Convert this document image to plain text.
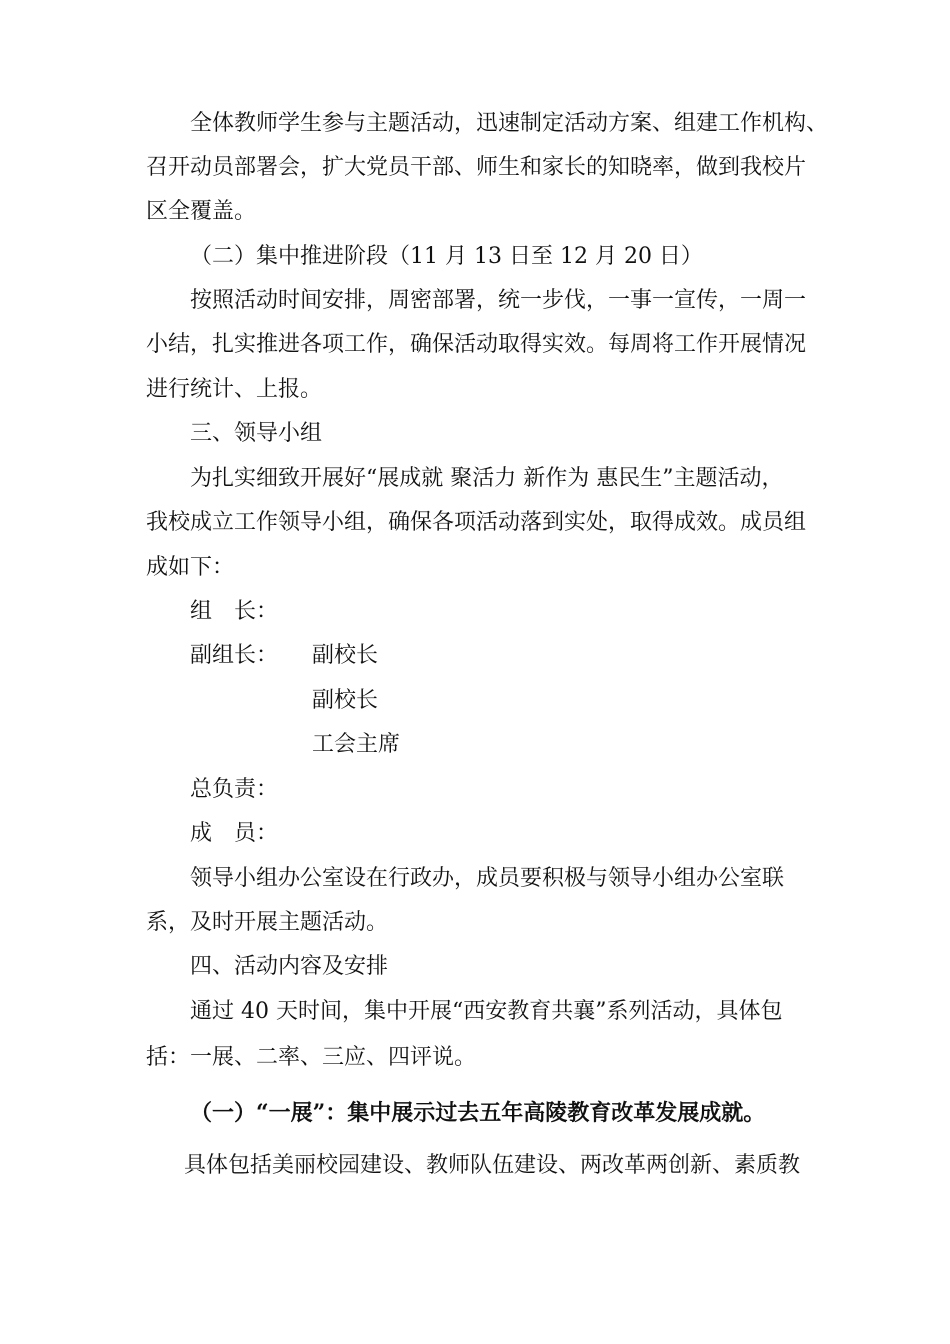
全体教师学生参与主题活动，迅速制定活动方案、组建工作机构、
召开动员部署会，扩大党员干部、师生和家长的知晓率，做到我校片
区全覆盖。
（二）集中推进阶段（11 月 13 日至 12 月 20 日）
按照活动时间安排，周密部署，统一步伐，一事一宣传，一周一
小结，扎实推进各项工作，确保活动取得实效。每周将工作开展情况
进行统计、上报。
三、领导小组
为扎实细致开展好“展成就 聚活力 新作为 惠民生”主题活动，
我校成立工作领导小组，确保各项活动落到实处，取得成效。成员组
成如下：
组　长：
副组长： 副校长
副校长
工会主席
总负责：
成　员：
领导小组办公室设在行政办，成员要积极与领导小组办公室联
系，及时开展主题活动。
四、活动内容及安排
通过 40 天时间，集中开展“西安教育共襄”系列活动，具体包
括：一展、二率、三应、四评说。
（一）“一展”：集中展示过去五年高陵教育改革发展成就。
具体包括美丽校园建设、教师队伍建设、两改革两创新、素质教
